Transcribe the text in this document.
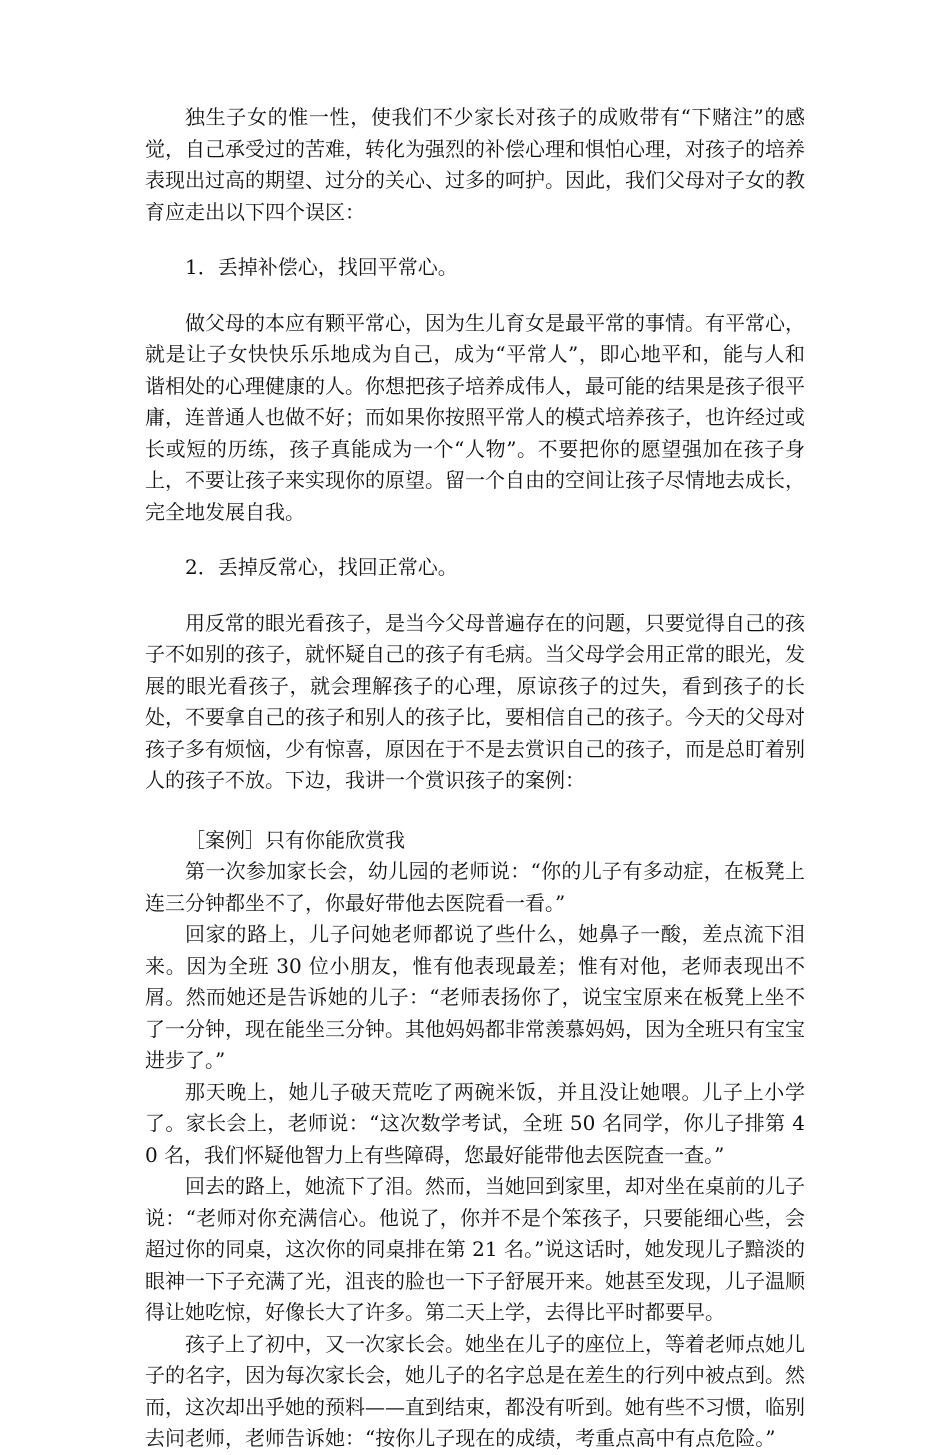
独生子女的惟一性，使我们不少家长对孩子的成败带有“下赌注”的感觉，自己承受过的苦难，转化为强烈的补偿心理和惧怕心理，对孩子的培养表现出过高的期望、过分的关心、过多的呵护。因此，我们父母对子女的教育应走出以下四个误区：

1．丢掉补偿心，找回平常心。

做父母的本应有颗平常心，因为生儿育女是最平常的事情。有平常心，就是让子女快快乐乐地成为自己，成为“平常人”，即心地平和，能与人和谐相处的心理健康的人。你想把孩子培养成伟人，最可能的结果是孩子很平庸，连普通人也做不好；而如果你按照平常人的模式培养孩子，也许经过或长或短的历练，孩子真能成为一个“人物”。不要把你的愿望强加在孩子身上，不要让孩子来实现你的原望。留一个自由的空间让孩子尽情地去成长，完全地发展自我。

2．丢掉反常心，找回正常心。

用反常的眼光看孩子，是当今父母普遍存在的问题，只要觉得自己的孩子不如别的孩子，就怀疑自己的孩子有毛病。当父母学会用正常的眼光，发展的眼光看孩子，就会理解孩子的心理，原谅孩子的过失，看到孩子的长处，不要拿自己的孩子和别人的孩子比，要相信自己的孩子。今天的父母对孩子多有烦恼，少有惊喜，原因在于不是去赏识自己的孩子，而是总盯着别人的孩子不放。下边，我讲一个赏识孩子的案例：

［案例］只有你能欣赏我

第一次参加家长会，幼儿园的老师说：“你的儿子有多动症，在板凳上连三分钟都坐不了，你最好带他去医院看一看。”

回家的路上，儿子问她老师都说了些什么，她鼻子一酸，差点流下泪来。因为全班 30 位小朋友，惟有他表现最差；惟有对他，老师表现出不屑。然而她还是告诉她的儿子：“老师表扬你了，说宝宝原来在板凳上坐不了一分钟，现在能坐三分钟。其他妈妈都非常羡慕妈妈，因为全班只有宝宝进步了。”

那天晚上，她儿子破天荒吃了两碗米饭，并且没让她喂。儿子上小学了。家长会上，老师说：“这次数学考试，全班 50 名同学，你儿子排第 40 名，我们怀疑他智力上有些障碍，您最好能带他去医院查一查。”

回去的路上，她流下了泪。然而，当她回到家里，却对坐在桌前的儿子说：“老师对你充满信心。他说了，你并不是个笨孩子，只要能细心些，会超过你的同桌，这次你的同桌排在第 21 名。”说这话时，她发现儿子黯淡的眼神一下子充满了光，沮丧的脸也一下子舒展开来。她甚至发现，儿子温顺得让她吃惊，好像长大了许多。第二天上学，去得比平时都要早。

孩子上了初中，又一次家长会。她坐在儿子的座位上，等着老师点她儿子的名字，因为每次家长会，她儿子的名字总是在差生的行列中被点到。然而，这次却出乎她的预料——直到结束，都没有听到。她有些不习惯，临别去问老师，老师告诉她：“按你儿子现在的成绩，考重点高中有点危险。”
